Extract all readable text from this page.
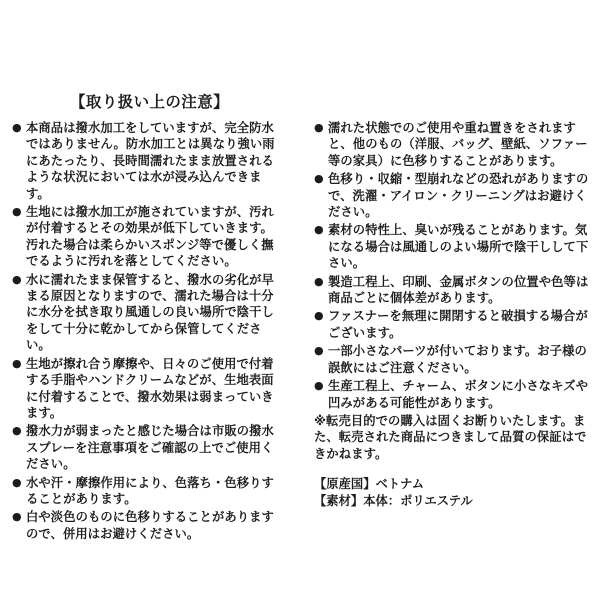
【取り扱い上の注意】
● 本商品は撥水加工をしていますが、完全防水ではありません。防水加工とは異なり強い雨にあたったり、長時間濡れたまま放置されるような状況においては水が浸み込んできます。

● 生地には撥水加工が施されていますが、汚れが付着するとその効果が低下していきます。

汚れた場合は柔らかいスポンジ等で優しく撫でるように汚れを落としてください。

● 水に濡れたまま保管すると、撥水の劣化が早まる原因となりますので、濡れた場合は十分に水分を拭き取り風通しの良い場所で陰干しをして十分に乾かしてから保管してください。

● 生地が擦れ合う摩擦や、日々のご使用で付着する手脂やハンドクリームなどが、生地表面に付着することで、撥水効果は弱まっていきます。

● 撥水力が弱まったと感じた場合は市販の撥水スプレーを注意事項をご確認の上でご使用ください。

● 水や汗・摩擦作用により、色落ち・色移りすることがあります。

● 白や淡色のものに色移りすることがありますので、併用はお避けください。

● 濡れた状態でのご使用や重ね置きをされますと、他のもの（洋服、バッグ、壁紙、ソファー等の家具）に色移りすることがあります。

● 色移り・収縮・型崩れなどの恐れがありますので、洗濯・アイロン・クリーニングはお避けください。

● 素材の特性上、臭いが残ることがあります。気になる場合は風通しのよい場所で陰干しして下さい。

● 製造工程上、印刷、金属ボタンの位置や色等は商品ごとに個体差があります。

● ファスナーを無理に開閉すると破損する場合がございます。

● 一部小さなパーツが付いております。お子様の誤飲にはご注意ください。

● 生産工程上、チャーム、ボタンに小さなキズや凹みがある可能性があります。

※転売目的での購入は固くお断りいたします。また、転売された商品につきまして品質の保証はできかねます。
【原産国】ベトナム
【素材】本体：ポリエステル
